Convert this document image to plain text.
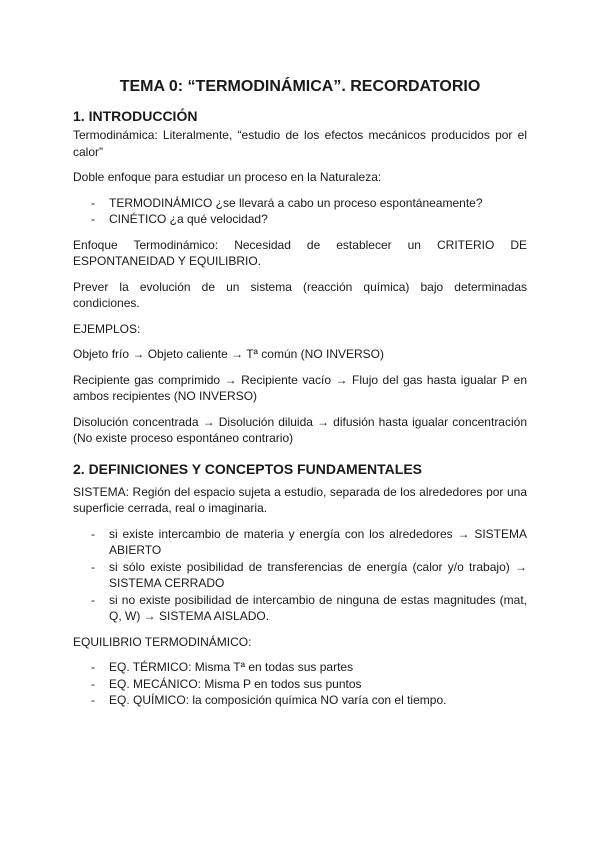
TEMA 0: “TERMODINÁMICA”. RECORDATORIO
1. INTRODUCCIÓN

Termodinámica: Literalmente, “estudio de los efectos mecánicos producidos por el calor”

Doble enfoque para estudiar un proceso en la Naturaleza:

- TERMODINÁMICO ¿se llevará a cabo un proceso espontáneamente?
- CINÉTICO ¿a qué velocidad?

Enfoque Termodinámico: Necesidad de establecer un CRITERIO DE ESPONTANEIDAD Y EQUILIBRIO.

Prever la evolución de un sistema (reacción química) bajo determinadas condiciones.

EJEMPLOS:

Objeto frío → Objeto caliente → Tª común (NO INVERSO)

Recipiente gas comprimido → Recipiente vacío → Flujo del gas hasta igualar P en ambos recipientes (NO INVERSO)

Disolución concentrada → Disolución diluida → difusión hasta igualar concentración (No existe proceso espontáneo contrario)

2. DEFINICIONES Y CONCEPTOS FUNDAMENTALES

SISTEMA: Región del espacio sujeta a estudio, separada de los alrededores por una superficie cerrada, real o imaginaria.

- si existe intercambio de materia y energía con los alrededores → SISTEMA ABIERTO
- si sólo existe posibilidad de transferencias de energía (calor y/o trabajo) → SISTEMA CERRADO
- si no existe posibilidad de intercambio de ninguna de estas magnitudes (mat, Q, W) → SISTEMA AISLADO.

EQUILIBRIO TERMODINÁMICO:

- EQ. TÉRMICO: Misma Tª en todas sus partes
- EQ. MECÁNICO: Misma P en todos sus puntos
- EQ. QUÍMICO: la composición química NO varía con el tiempo.
